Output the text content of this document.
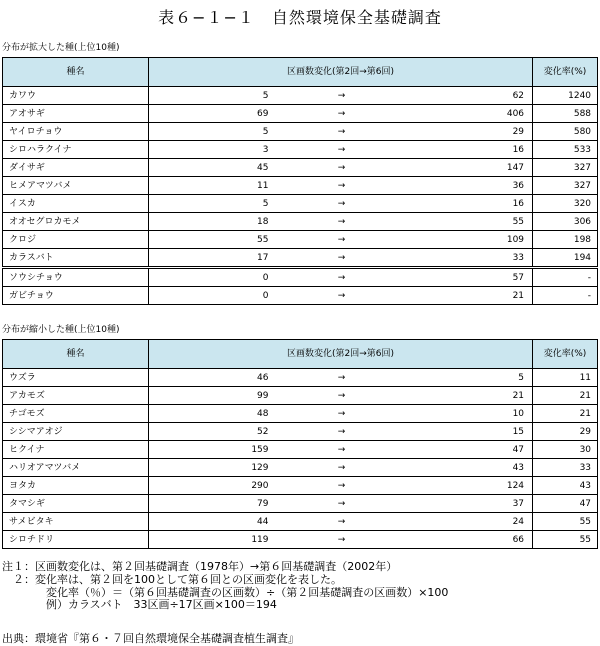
表６−１−１　自然環境保全基礎調査
分布が拡大した種(上位10種)
種名	区画数変化(第2回→第6回)			変化率(%)
カワウ	5	→	62	1240
アオサギ	69	→	406	588
ヤイロチョウ	5	→	29	580
シロハラクイナ	3	→	16	533
ダイサギ	45	→	147	327
ヒメアマツバメ	11	→	36	327
イスカ	5	→	16	320
オオセグロカモメ	18	→	55	306
クロジ	55	→	109	198
カラスバト	17	→	33	194
ソウシチョウ	0	→	57	-
ガビチョウ	0	→	21	-
分布が縮小した種(上位10種)
種名	区画数変化(第2回→第6回)			変化率(%)
ウズラ	46	→	5	11
アカモズ	99	→	21	21
チゴモズ	48	→	10	21
シシマアオジ	52	→	15	29
ヒクイナ	159	→	47	30
ハリオアマツバメ	129	→	43	33
ヨタカ	290	→	124	43
タマシギ	79	→	37	47
サメビタキ	44	→	24	55
シロチドリ	119	→	66	55
注１：区画数変化は、第２回基礎調査（1978年）→第６回基礎調査（2002年）
　２：変化率は、第２回を100として第６回との区画変化を表した。
　　　　変化率（％）＝（第６回基礎調査の区画数）÷（第２回基礎調査の区画数）×100
　　　　例）カラスバト　33区画÷17区画×100＝194
出典：環境省『第６・７回自然環境保全基礎調査植生調査』
